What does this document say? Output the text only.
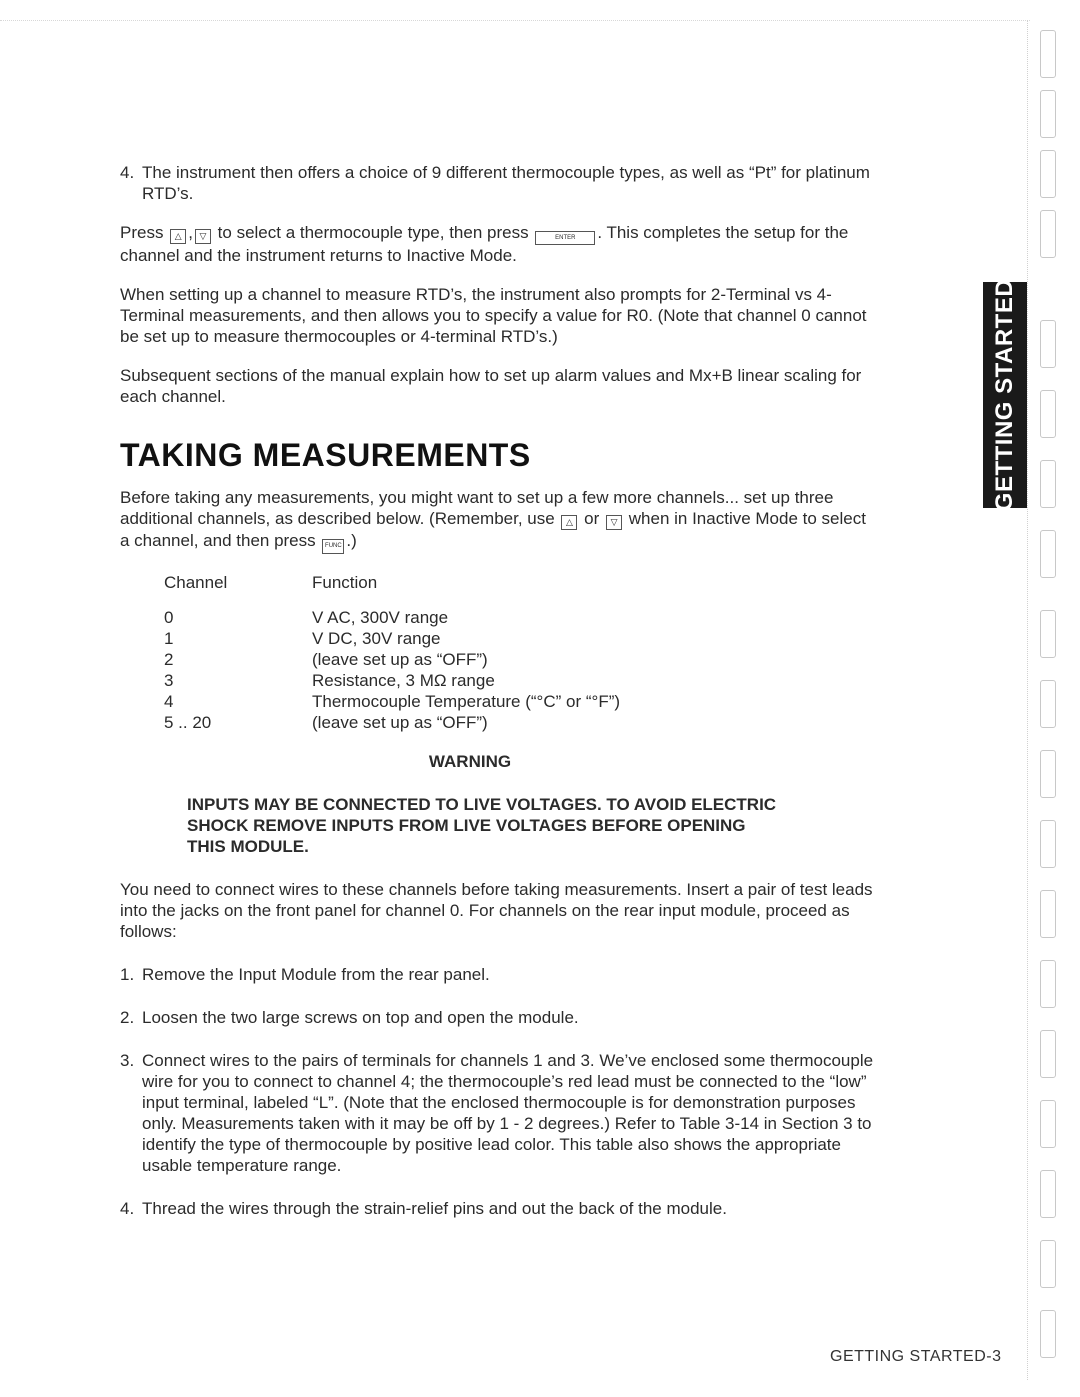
GETTING STARTED
4. The instrument then offers a choice of 9 different thermocouple types, as well as “Pt” for platinum RTD’s.

Press △ , ▽ to select a thermocouple type, then press	ENTER . This completes the setup for the channel and the instrument returns to Inactive Mode.

When setting up a channel to measure RTD’s, the instrument also prompts for 2-Terminal vs 4-Terminal measurements, and then allows you to specify a value for R0. (Note that channel 0 cannot be set up to measure thermocouples or 4-terminal RTD’s.)

Subsequent sections of the manual explain how to set up alarm values and Mx+B linear scaling for each channel.

TAKING MEASUREMENTS

Before taking any measurements, you might want to set up a few more channels... set up three additional channels, as described below. (Remember, use △ or ▽ when in Inactive Mode to select a channel, and then press FUNC .)

Channel	Function
0	V AC, 300V range
1	V DC, 30V range
2	(leave set up as “OFF”)
3	Resistance, 3 MΩ range
4	Thermocouple Temperature (“°C” or “°F”)
5 .. 20	(leave set up as “OFF”)
WARNING
INPUTS MAY BE CONNECTED TO LIVE VOLTAGES. TO AVOID ELECTRIC SHOCK REMOVE INPUTS FROM LIVE VOLTAGES BEFORE OPENING THIS MODULE.

You need to connect wires to these channels before taking measurements. Insert a pair of test leads into the jacks on the front panel for channel 0. For channels on the rear input module, proceed as follows:

1. Remove the Input Module from the rear panel.
2. Loosen the two large screws on top and open the module.
3. Connect wires to the pairs of terminals for channels 1 and 3. We’ve enclosed some thermocouple wire for you to connect to channel 4; the thermocouple’s red lead must be connected to the “low” input terminal, labeled “L”. (Note that the enclosed thermocouple is for demonstration purposes only. Measurements taken with it may be off by 1 - 2 degrees.) Refer to Table 3-14 in Section 3 to identify the type of thermocouple by positive lead color. This table also shows the appropriate usable temperature range.
4. Thread the wires through the strain-relief pins and out the back of the module.
GETTING STARTED-3
